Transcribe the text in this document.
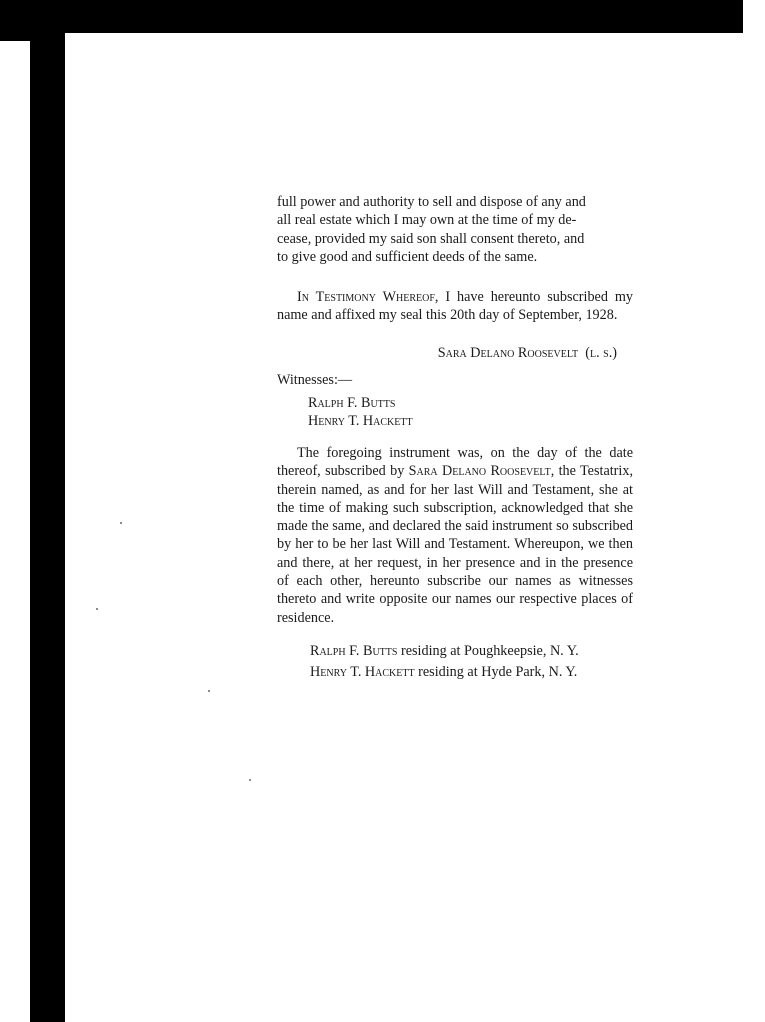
full power and authority to sell and dispose of any and
all real estate which I may own at the time of my de-
cease, provided my said son shall consent thereto, and
to give good and sufficient deeds of the same.

In Testimony Whereof, I have hereunto subscribed my name and affixed my seal this 20th day of September, 1928.

Sara Delano Roosevelt (l. s.)
Witnesses:—
Ralph F. Butts
Henry T. Hackett

The foregoing instrument was, on the day of the date thereof, subscribed by Sara Delano Roosevelt, the Testatrix, therein named, as and for her last Will and Testament, she at the time of making such subscription, acknowledged that she made the same, and declared the said instrument so subscribed by her to be her last Will and Testament. Whereupon, we then and there, at her request, in her presence and in the presence of each other, hereunto subscribe our names as witnesses thereto and write opposite our names our respective places of residence.

Ralph F. Butts residing at Poughkeepsie, N. Y.
Henry T. Hackett residing at Hyde Park, N. Y.
